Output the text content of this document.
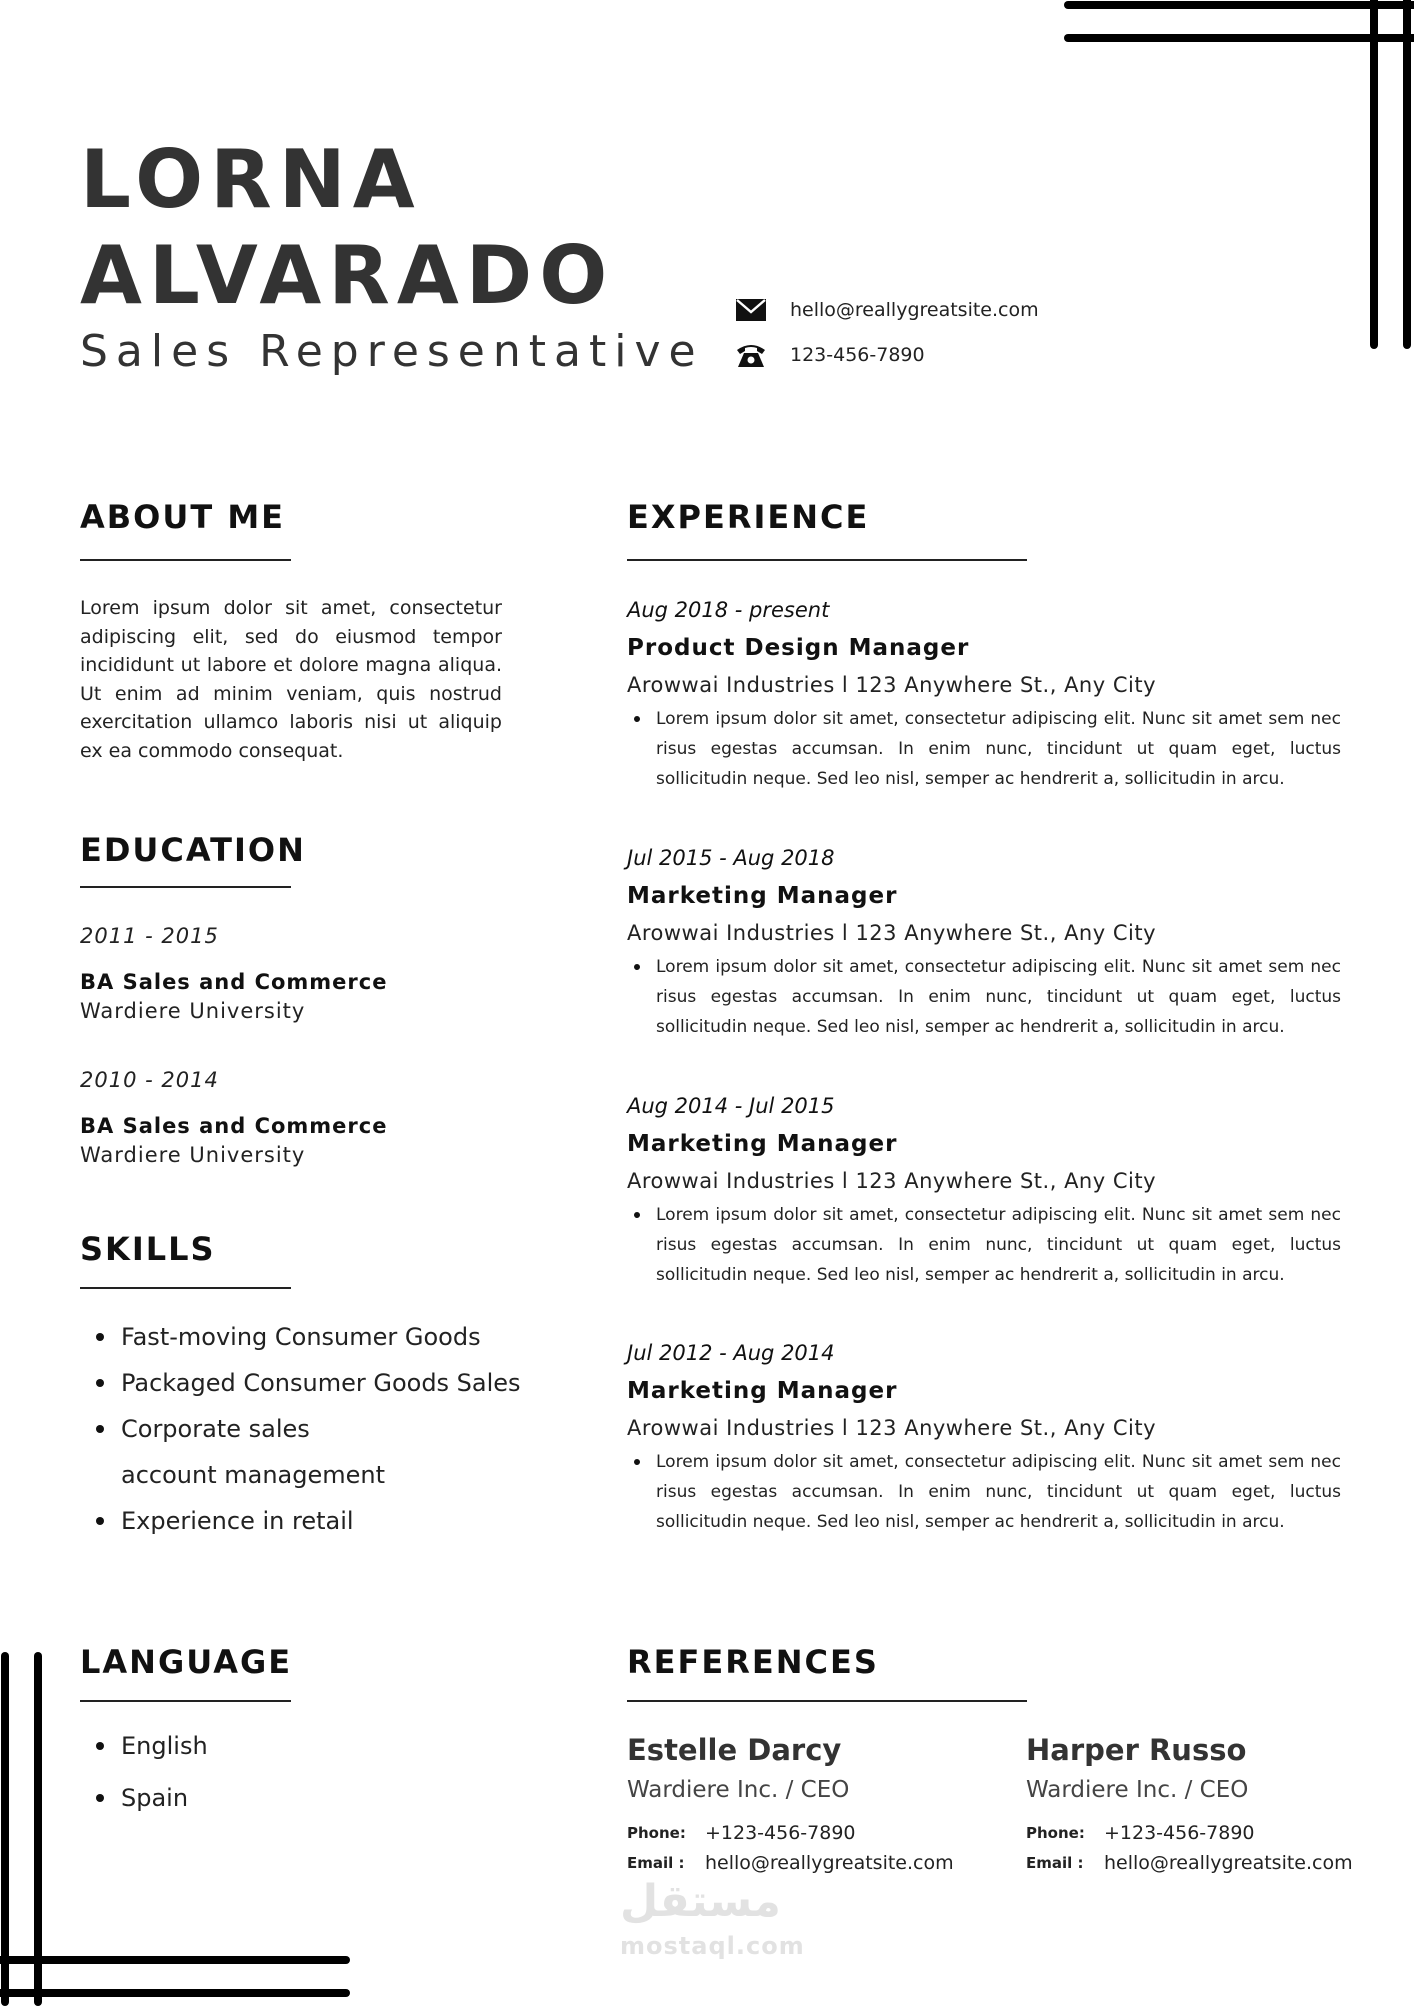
LORNA
ALVARADO
Sales Representative
hello@reallygreatsite.com
123-456-7890
ABOUT ME
Lorem ipsum dolor sit amet, consectetur adipiscing elit, sed do eiusmod tempor incididunt ut labore et dolore magna aliqua. Ut enim ad minim veniam, quis nostrud exercitation ullamco laboris nisi ut aliquip ex ea commodo consequat.
EDUCATION
2011 - 2015
BA Sales and Commerce
Wardiere University
2010 - 2014
BA Sales and Commerce
Wardiere University
SKILLS
Fast-moving Consumer Goods
Packaged Consumer Goods Sales
Corporate sales account management
Experience in retail
EXPERIENCE
Aug 2018 - present
Product Design Manager
Arowwai Industries l 123 Anywhere St., Any City
Lorem ipsum dolor sit amet, consectetur adipiscing elit. Nunc sit amet sem nec risus egestas accumsan. In enim nunc, tincidunt ut quam eget, luctus sollicitudin neque. Sed leo nisl, semper ac hendrerit a, sollicitudin in arcu.
Jul 2015 - Aug 2018
Marketing Manager
Arowwai Industries l 123 Anywhere St., Any City
Lorem ipsum dolor sit amet, consectetur adipiscing elit. Nunc sit amet sem nec risus egestas accumsan. In enim nunc, tincidunt ut quam eget, luctus sollicitudin neque. Sed leo nisl, semper ac hendrerit a, sollicitudin in arcu.
Aug 2014 - Jul 2015
Marketing Manager
Arowwai Industries l 123 Anywhere St., Any City
Lorem ipsum dolor sit amet, consectetur adipiscing elit. Nunc sit amet sem nec risus egestas accumsan. In enim nunc, tincidunt ut quam eget, luctus sollicitudin neque. Sed leo nisl, semper ac hendrerit a, sollicitudin in arcu.
Jul 2012 - Aug 2014
Marketing Manager
Arowwai Industries l 123 Anywhere St., Any City
Lorem ipsum dolor sit amet, consectetur adipiscing elit. Nunc sit amet sem nec risus egestas accumsan. In enim nunc, tincidunt ut quam eget, luctus sollicitudin neque. Sed leo nisl, semper ac hendrerit a, sollicitudin in arcu.
LANGUAGE
English
Spain
REFERENCES
Estelle Darcy
Wardiere Inc. / CEO
Phone:	+123-456-7890
Email :	hello@reallygreatsite.com
Harper Russo
Wardiere Inc. / CEO
Phone:	+123-456-7890
Email :	hello@reallygreatsite.com
مستقل
mostaql.com
